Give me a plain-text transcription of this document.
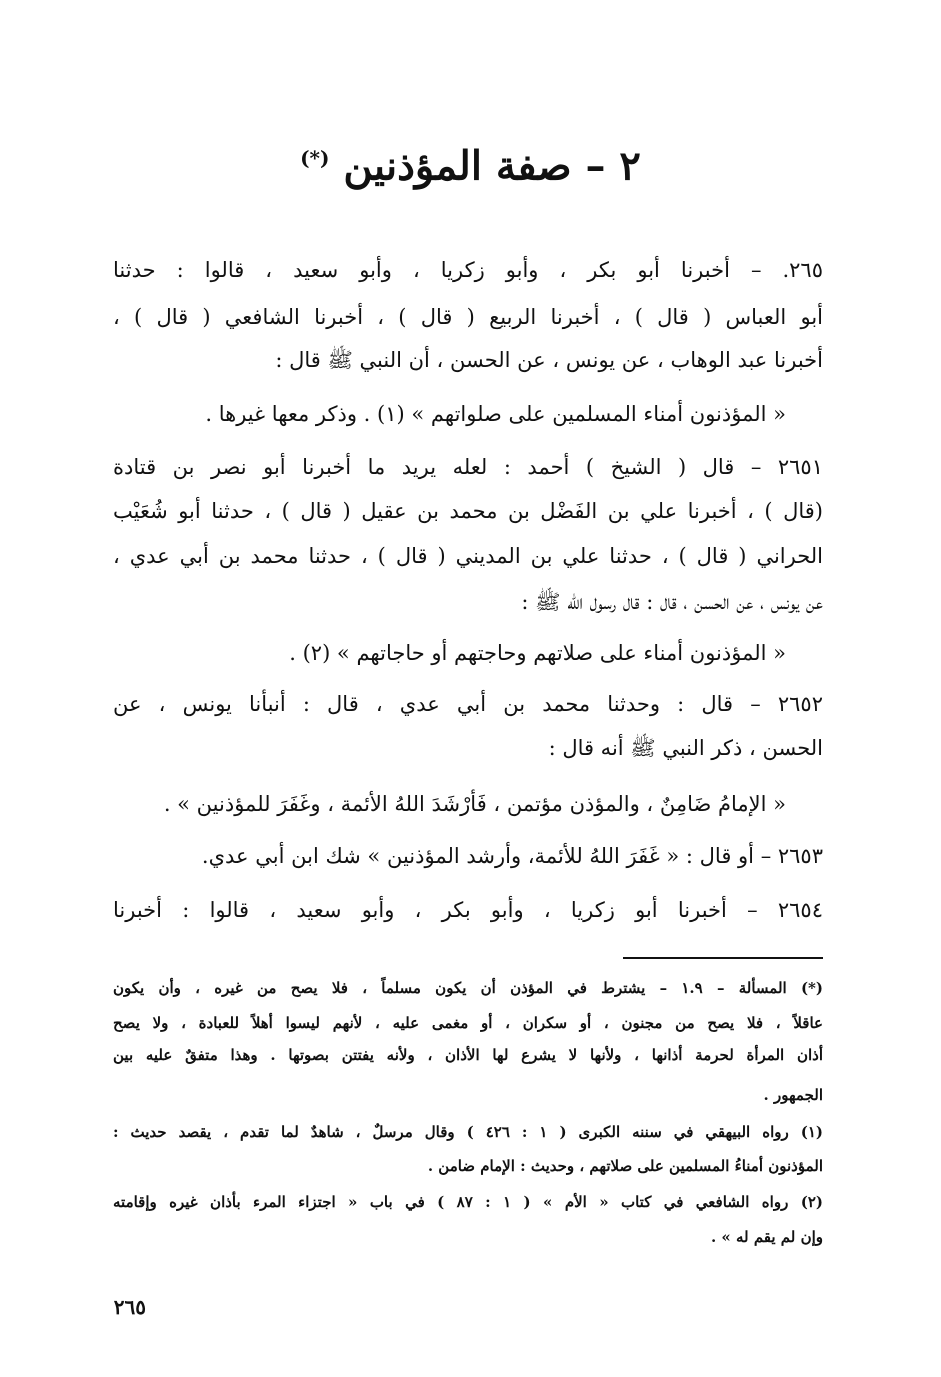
۲ – صفة المؤذنين (*)
۲٦٥. – أخبرنا أبو بكر ، وأبو زكريا ، وأبو سعيد ، قالوا : حدثنا
أبو العباس ( قال ) ، أخبرنا الربيع ( قال ) ، أخبرنا الشافعي ( قال ) ،
أخبرنا عبد الوهاب ، عن يونس ، عن الحسن ، أن النبي ﷺ قال :
« المؤذنون أمناء المسلمين على صلواتهم » (١) . وذكر معها غيرها .
٢٦٥١ – قال ( الشيخ ) أحمد : لعله يريد ما أخبرنا أبو نصر بن قتادة
(قال ) ، أخبرنا علي بن الفَضْل بن محمد بن عقيل ( قال ) ، حدثنا أبو شُعَيْب
الحراني ( قال ) ، حدثنا علي بن المديني ( قال ) ، حدثنا محمد بن أبي عدي ،
عن يونس ، عن الحسن ، قال : قال رسول الله ﷺ :
« المؤذنون أمناء على صلاتهم وحاجتهم أو حاجاتهم » (٢) .
٢٦٥٢ – قال : وحدثنا محمد بن أبي عدي ، قال : أنبأنا يونس ، عن
الحسن ، ذكر النبي ﷺ أنه قال :
« الإمامُ ضَامِنٌ ، والمؤذن مؤتمن ، فَأَرْشَدَ اللهُ الأئمة ، وغَفَرَ للمؤذنين » .
٢٦٥٣ – أو قال : « غَفَرَ اللهُ للأئمة، وأرشد المؤذنين » شك ابن أبي عدي.
٢٦٥٤ – أخبرنا أبو زكريا ، وأبو بكر ، وأبو سعيد ، قالوا : أخبرنا
(*) المسألة – ١.٩ – يشترط في المؤذن أن يكون مسلماً ، فلا يصح من غيره ، وأن يكون
عاقلاً ، فلا يصح من مجنون ، أو سكران ، أو مغمى عليه ، لأنهم ليسوا أهلاً للعبادة ، ولا يصح
أذان المرأة لحرمة أذانها ، ولأنها لا يشرع لها الأذان ، ولأنه يفتتن بصوتها . وهذا متفقٌ عليه بين
الجمهور .
(١) رواه البيهقي في سننه الكبرى ( ١ : ٤٢٦ ) وقال مرسلٌ ، شاهدٌ لما تقدم ، يقصد حديث :
المؤذنون أمناءُ المسلمين على صلاتهم ، وحديث : الإمام ضامن .
(٢) رواه الشافعي في كتاب « الأم » ( ١ : ٨٧ ) في باب « اجتزاء المرء بأذان غيره وإقامته
وإن لم يقم له » .
٢٦٥
